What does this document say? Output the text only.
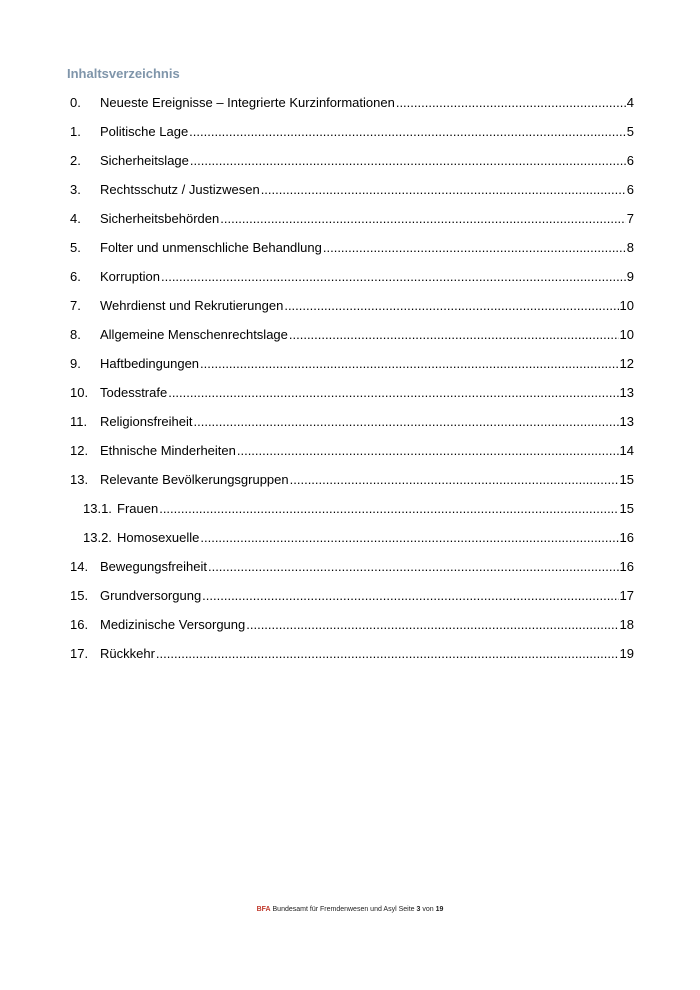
Inhaltsverzeichnis
0.	Neueste Ereignisse – Integrierte Kurzinformationen .....	4
1.	Politische Lage .....	5
2.	Sicherheitslage .....	6
3.	Rechtsschutz / Justizwesen .....	6
4.	Sicherheitsbehörden .....	7
5.	Folter und unmenschliche Behandlung .....	8
6.	Korruption .....	9
7.	Wehrdienst und Rekrutierungen .....	10
8.	Allgemeine Menschenrechtslage .....	10
9.	Haftbedingungen .....	12
10. Todesstrafe .....	13
11. Religionsfreiheit .....	13
12. Ethnische Minderheiten .....	14
13. Relevante Bevölkerungsgruppen .....	15
13.1. Frauen .....	15
13.2. Homosexuelle .....	16
14. Bewegungsfreiheit .....	16
15. Grundversorgung .....	17
16. Medizinische Versorgung .....	18
17. Rückkehr .....	19
BFA Bundesamt für Fremdenwesen und Asyl Seite 3 von 19
